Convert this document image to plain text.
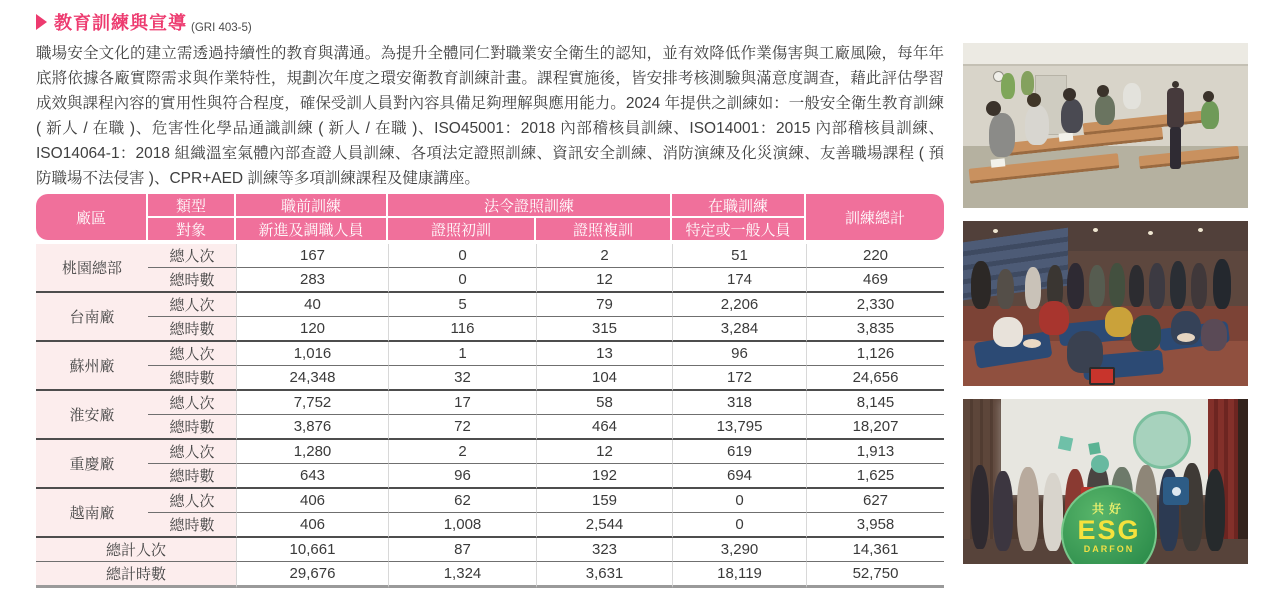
教育訓練與宣導 (GRI 403-5)
職場安全文化的建立需透過持續性的教育與溝通。為提升全體同仁對職業安全衛生的認知，並有效降低作業傷害與工廠風險，每年年底將依據各廠實際需求與作業特性，規劃次年度之環安衛教育訓練計畫。課程實施後，皆安排考核測驗與滿意度調查，藉此評估學習成效與課程內容的實用性與符合程度，確保受訓人員對內容具備足夠理解與應用能力。2024 年提供之訓練如：一般安全衛生教育訓練 ( 新人 / 在職 )、危害性化學品通識訓練 ( 新人 / 在職 )、ISO45001：2018 內部稽核員訓練、ISO14001：2015 內部稽核員訓練、ISO14064-1：2018 組織溫室氣體內部查證人員訓練、各項法定證照訓練、資訊安全訓練、消防演練及化災演練、友善職場課程 ( 預防職場不法侵害 )、CPR+AED 訓練等多項訓練課程及健康講座。
廠區	類型	職前訓練	法令證照訓練		在職訓練	訓練總計
	對象	新進及調職人員	證照初訓	證照複訓	特定或一般人員	

桃園總部	總人次	167	0	2	51	220
	總時數	283	0	12	174	469
台南廠	總人次	40	5	79	2,206	2,330
	總時數	120	116	315	3,284	3,835
蘇州廠	總人次	1,016	1	13	96	1,126
	總時數	24,348	32	104	172	24,656
淮安廠	總人次	7,752	17	58	318	8,145
	總時數	3,876	72	464	13,795	18,207
重慶廠	總人次	1,280	2	12	619	1,913
	總時數	643	96	192	694	1,625
越南廠	總人次	406	62	159	0	627
	總時數	406	1,008	2,544	0	3,958
總計人次		10,661	87	323	3,290	14,361
總計時數		29,676	1,324	3,631	18,119	52,750
共好
ESG
DARFON
